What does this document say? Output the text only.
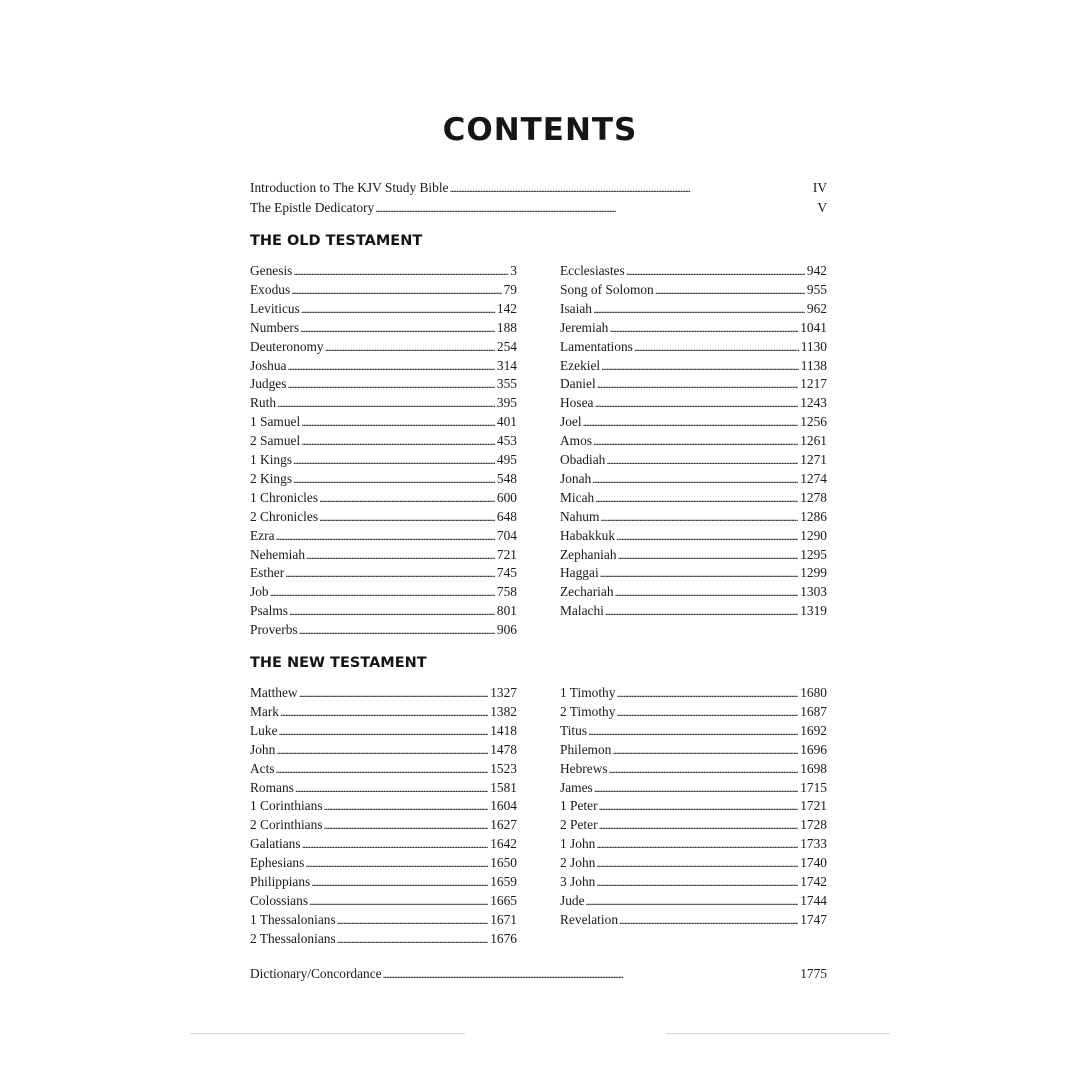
CONTENTS
Introduction to The KJV Study Bible . . .	IV
The Epistle Dedicatory . . .	V
THE OLD TESTAMENT
Genesis . . .	3
Exodus . . .	79
Leviticus . . .	142
Numbers . . .	188
Deuteronomy . . .	254
Joshua . . .	314
Judges . . .	355
Ruth . . .	395
1 Samuel . . .	401
2 Samuel . . .	453
1 Kings . . .	495
2 Kings . . .	548
1 Chronicles . . .	600
2 Chronicles . . .	648
Ezra . . .	704
Nehemiah . . .	721
Esther . . .	745
Job . . .	758
Psalms . . .	801
Proverbs . . .	906
Ecclesiastes . . .	942
Song of Solomon . . .	955
Isaiah . . .	962
Jeremiah . . .	1041
Lamentations . . .	1130
Ezekiel . . .	1138
Daniel . . .	1217
Hosea . . .	1243
Joel . . .	1256
Amos . . .	1261
Obadiah . . .	1271
Jonah . . .	1274
Micah . . .	1278
Nahum . . .	1286
Habakkuk . . .	1290
Zephaniah . . .	1295
Haggai . . .	1299
Zechariah . . .	1303
Malachi . . .	1319
THE NEW TESTAMENT
Matthew . . .	1327
Mark . . .	1382
Luke . . .	1418
John . . .	1478
Acts . . .	1523
Romans . . .	1581
1 Corinthians . . .	1604
2 Corinthians . . .	1627
Galatians . . .	1642
Ephesians . . .	1650
Philippians . . .	1659
Colossians . . .	1665
1 Thessalonians . . .	1671
2 Thessalonians . . .	1676
1 Timothy . . .	1680
2 Timothy . . .	1687
Titus . . .	1692
Philemon . . .	1696
Hebrews . . .	1698
James . . .	1715
1 Peter . . .	1721
2 Peter . . .	1728
1 John . . .	1733
2 John . . .	1740
3 John . . .	1742
Jude . . .	1744
Revelation . . .	1747
Dictionary/Concordance . . .	1775
